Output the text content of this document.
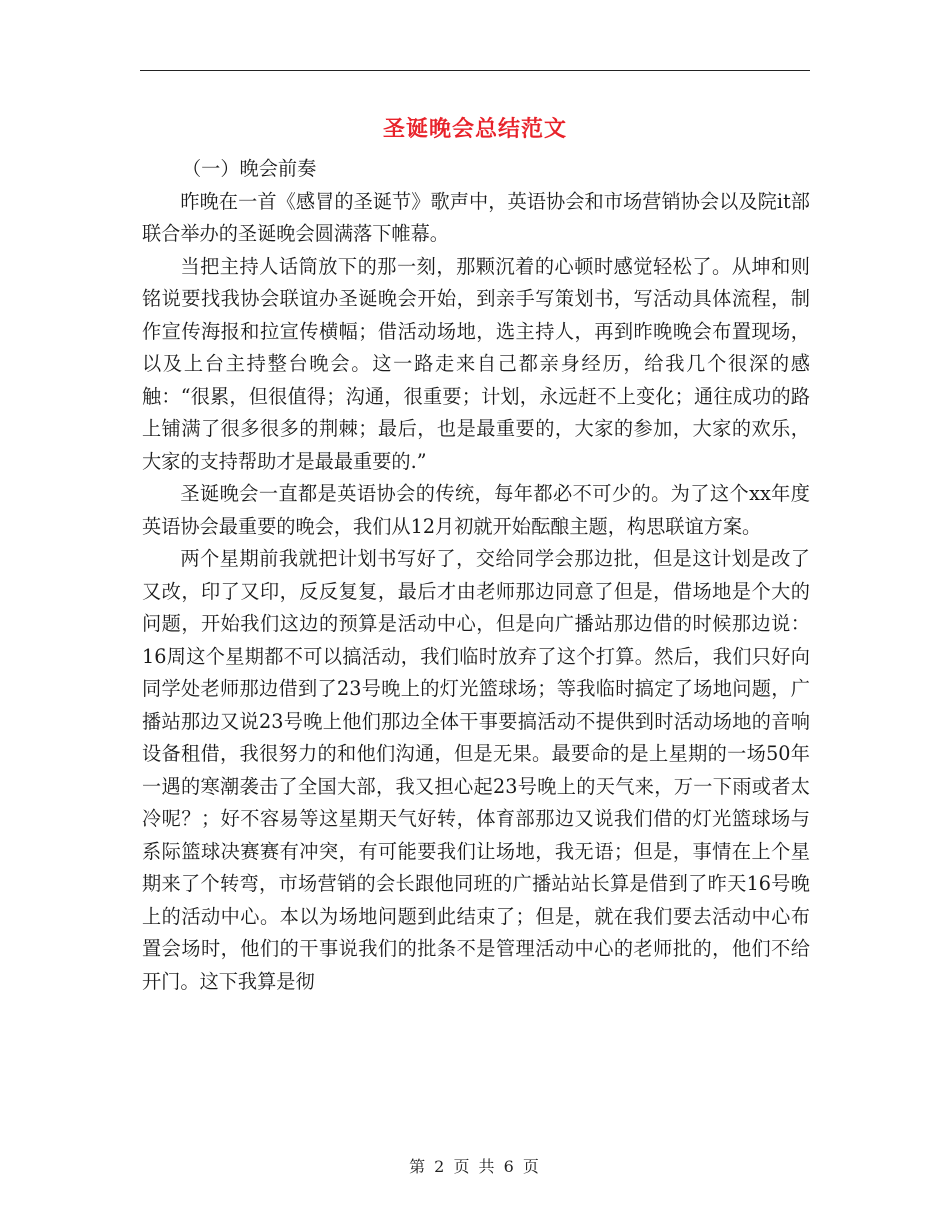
圣诞晚会总结范文

（一）晚会前奏

昨晚在一首《感冒的圣诞节》歌声中，英语协会和市场营销协会以及院it部联合举办的圣诞晚会圆满落下帷幕。

当把主持人话筒放下的那一刻，那颗沉着的心顿时感觉轻松了。从坤和则铭说要找我协会联谊办圣诞晚会开始，到亲手写策划书，写活动具体流程，制作宣传海报和拉宣传横幅；借活动场地，选主持人，再到昨晚晚会布置现场，以及上台主持整台晚会。这一路走来自己都亲身经历，给我几个很深的感触：“很累，但很值得；沟通，很重要；计划，永远赶不上变化；通往成功的路上铺满了很多很多的荆棘；最后，也是最重要的，大家的参加，大家的欢乐，大家的支持帮助才是最最重要的.”

圣诞晚会一直都是英语协会的传统，每年都必不可少的。为了这个xx年度英语协会最重要的晚会，我们从12月初就开始酝酿主题，构思联谊方案。

两个星期前我就把计划书写好了，交给同学会那边批，但是这计划是改了又改，印了又印，反反复复，最后才由老师那边同意了但是，借场地是个大的问题，开始我们这边的预算是活动中心，但是向广播站那边借的时候那边说：16周这个星期都不可以搞活动，我们临时放弃了这个打算。然后，我们只好向同学处老师那边借到了23号晚上的灯光篮球场；等我临时搞定了场地问题，广播站那边又说23号晚上他们那边全体干事要搞活动不提供到时活动场地的音响设备租借，我很努力的和他们沟通，但是无果。最要命的是上星期的一场50年一遇的寒潮袭击了全国大部，我又担心起23号晚上的天气来，万一下雨或者太冷呢？；好不容易等这星期天气好转，体育部那边又说我们借的灯光篮球场与系际篮球决赛赛有冲突，有可能要我们让场地，我无语；但是，事情在上个星期来了个转弯，市场营销的会长跟他同班的广播站站长算是借到了昨天16号晚上的活动中心。本以为场地问题到此结束了；但是，就在我们要去活动中心布置会场时，他们的干事说我们的批条不是管理活动中心的老师批的，他们不给开门。这下我算是彻

第 2 页 共 6 页
